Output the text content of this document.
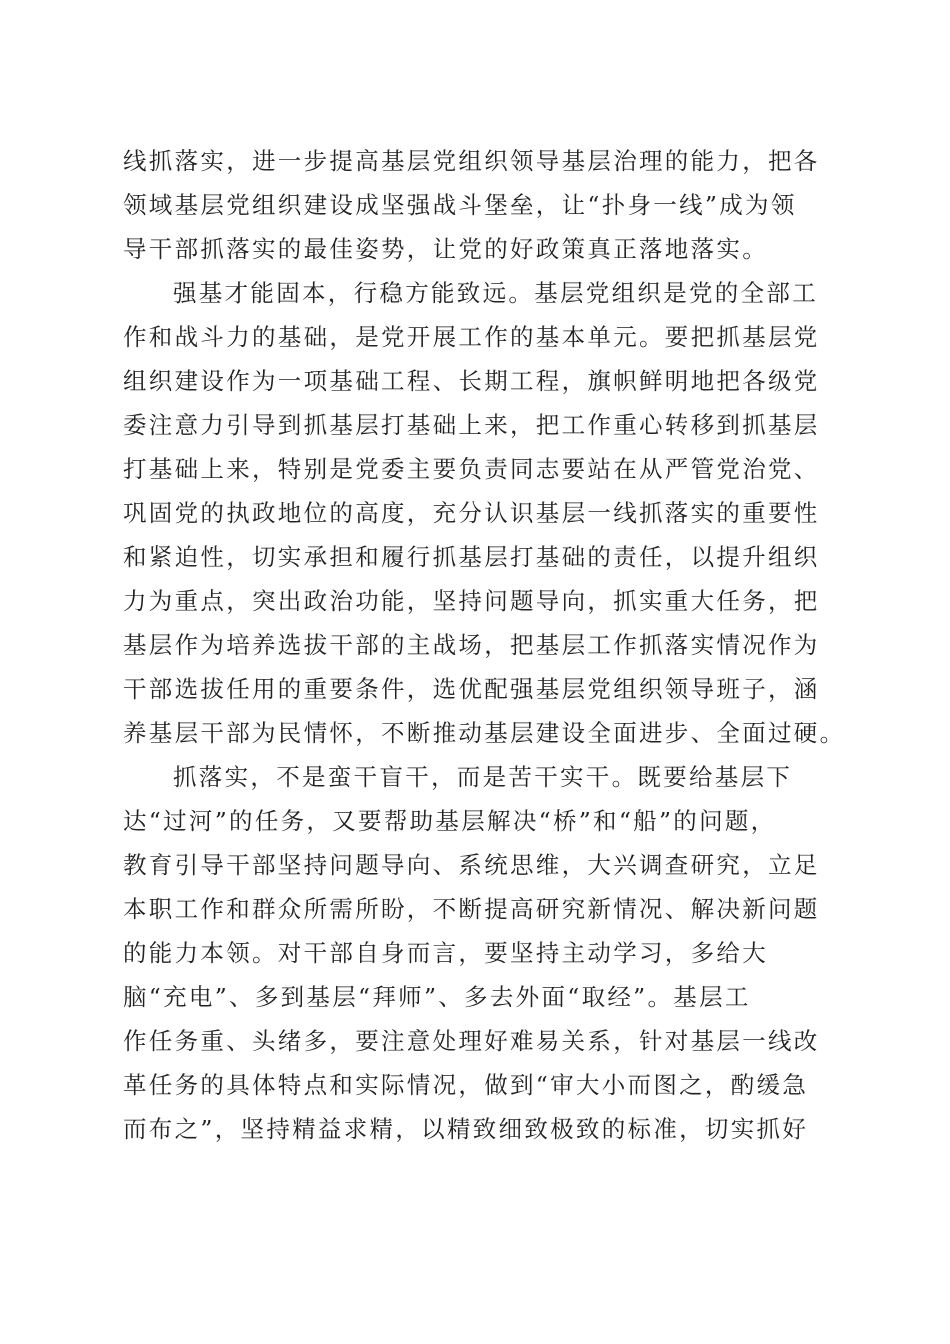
线抓落实，进一步提高基层党组织领导基层治理的能力，把各
领域基层党组织建设成坚强战斗堡垒，让“扑身一线”成为领
导干部抓落实的最佳姿势，让党的好政策真正落地落实。
强基才能固本，行稳方能致远。基层党组织是党的全部工
作和战斗力的基础，是党开展工作的基本单元。要把抓基层党
组织建设作为一项基础工程、长期工程，旗帜鲜明地把各级党
委注意力引导到抓基层打基础上来，把工作重心转移到抓基层
打基础上来，特别是党委主要负责同志要站在从严管党治党、
巩固党的执政地位的高度，充分认识基层一线抓落实的重要性
和紧迫性，切实承担和履行抓基层打基础的责任，以提升组织
力为重点，突出政治功能，坚持问题导向，抓实重大任务，把
基层作为培养选拔干部的主战场，把基层工作抓落实情况作为
干部选拔任用的重要条件，选优配强基层党组织领导班子，涵
养基层干部为民情怀，不断推动基层建设全面进步、全面过硬。
抓落实，不是蛮干盲干，而是苦干实干。既要给基层下
达“过河”的任务，又要帮助基层解决“桥”和“船”的问题，
教育引导干部坚持问题导向、系统思维，大兴调查研究，立足
本职工作和群众所需所盼，不断提高研究新情况、解决新问题
的能力本领。对干部自身而言，要坚持主动学习，多给大
脑“充电”、多到基层“拜师”、多去外面“取经”。基层工
作任务重、头绪多，要注意处理好难易关系，针对基层一线改
革任务的具体特点和实际情况，做到“审大小而图之，酌缓急
而布之”，坚持精益求精，以精致细致极致的标准，切实抓好
